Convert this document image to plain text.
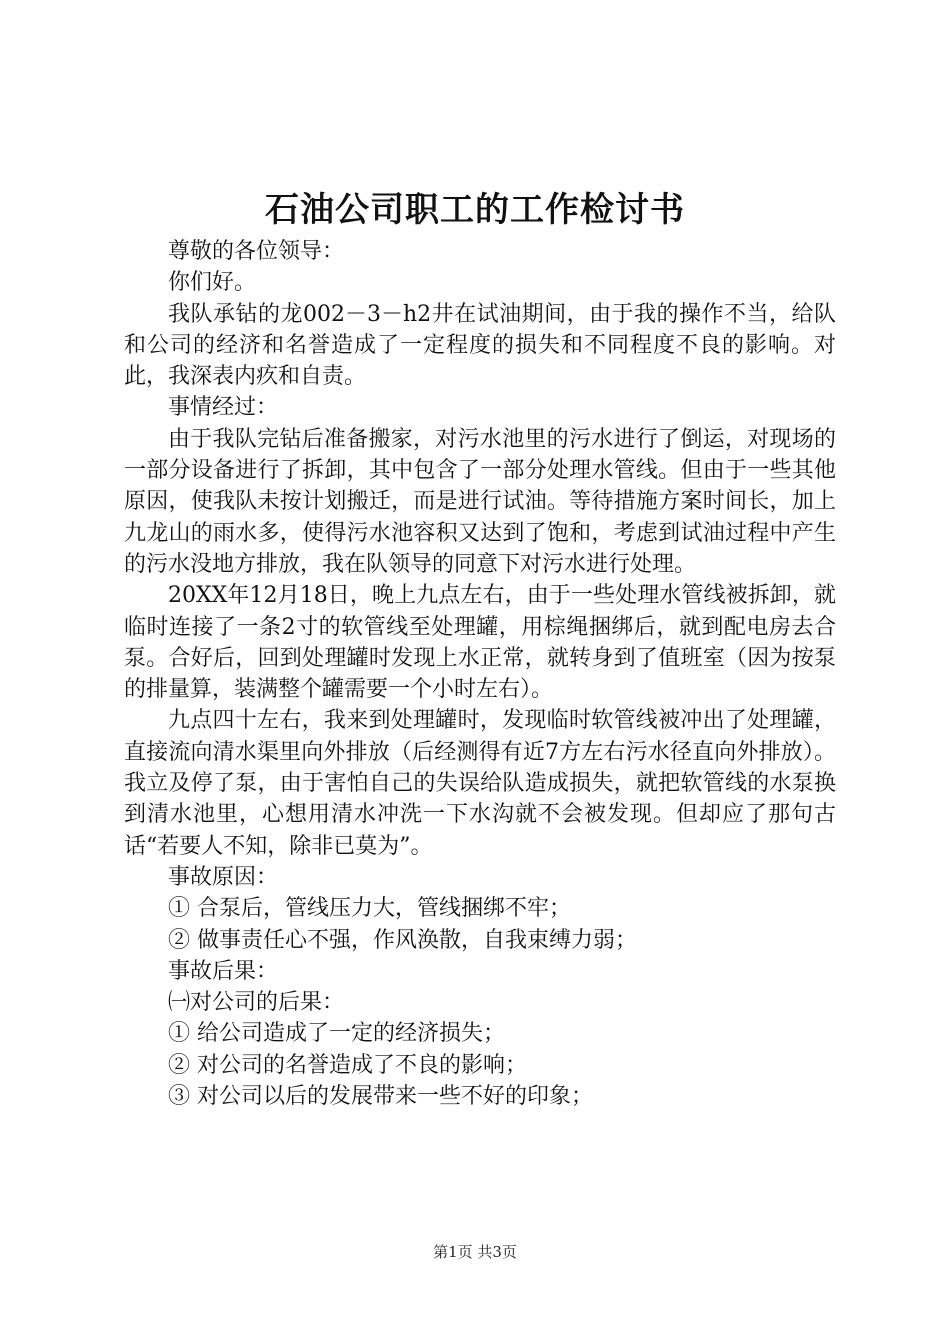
石油公司职工的工作检讨书

尊敬的各位领导：

你们好。

我队承钻的龙002－3－h2井在试油期间，由于我的操作不当，给队和公司的经济和名誉造成了一定程度的损失和不同程度不良的影响。对此，我深表内疚和自责。

事情经过：

由于我队完钻后准备搬家，对污水池里的污水进行了倒运，对现场的一部分设备进行了拆卸，其中包含了一部分处理水管线。但由于一些其他原因，使我队未按计划搬迁，而是进行试油。等待措施方案时间长，加上九龙山的雨水多，使得污水池容积又达到了饱和，考虑到试油过程中产生的污水没地方排放，我在队领导的同意下对污水进行处理。

20XX年12月18日，晚上九点左右，由于一些处理水管线被拆卸，就临时连接了一条2寸的软管线至处理罐，用棕绳捆绑后，就到配电房去合泵。合好后，回到处理罐时发现上水正常，就转身到了值班室（因为按泵的排量算，装满整个罐需要一个小时左右）。

九点四十左右，我来到处理罐时，发现临时软管线被冲出了处理罐，直接流向清水渠里向外排放（后经测得有近7方左右污水径直向外排放）。我立及停了泵，由于害怕自己的失误给队造成损失，就把软管线的水泵换到清水池里，心想用清水冲洗一下水沟就不会被发现。但却应了那句古话“若要人不知，除非已莫为”。

事故原因：

① 合泵后，管线压力大，管线捆绑不牢；

② 做事责任心不强，作风涣散，自我束缚力弱；

事故后果：

㈠对公司的后果：

① 给公司造成了一定的经济损失；

② 对公司的名誉造成了不良的影响；

③ 对公司以后的发展带来一些不好的印象；

第1页 共3页
